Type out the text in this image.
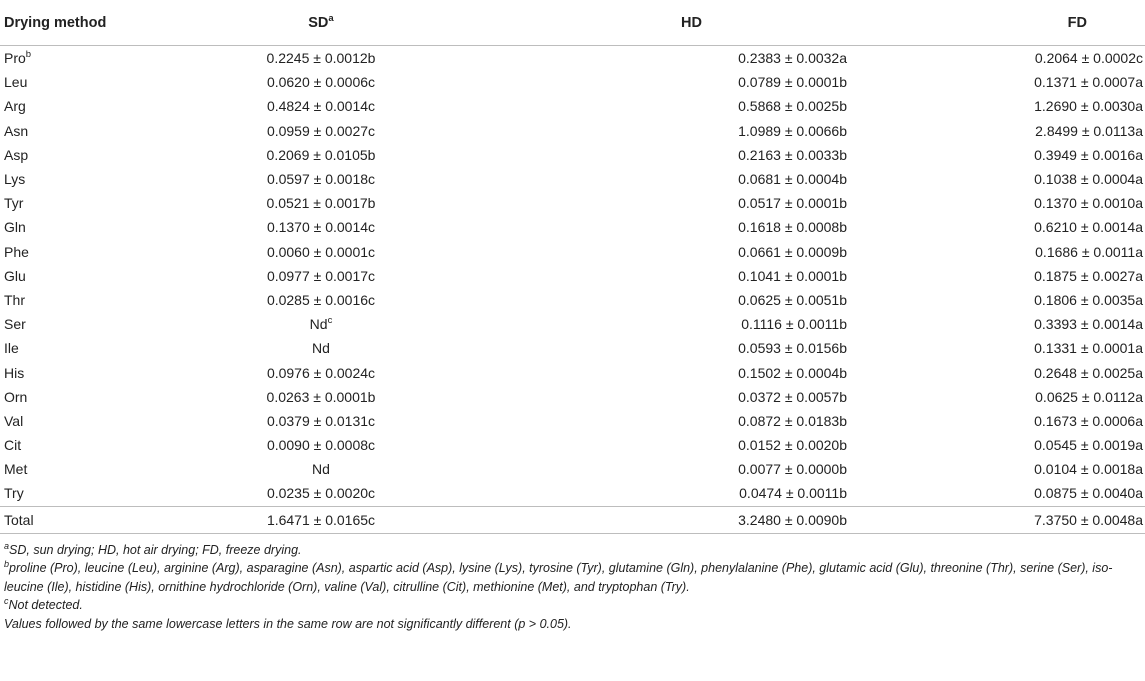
Drying method	$SD^a$	HD	FD
Pro$^b$	0.2245 ± 0.0012b	0.2383 ± 0.0032a	0.2064 ± 0.0002c
Leu	0.0620 ± 0.0006c	0.0789 ± 0.0001b	0.1371 ± 0.0007a
Arg	0.4824 ± 0.0014c	0.5868 ± 0.0025b	1.2690 ± 0.0030a
Asn	0.0959 ± 0.0027c	1.0989 ± 0.0066b	2.8499 ± 0.0113a
Asp	0.2069 ± 0.0105b	0.2163 ± 0.0033b	0.3949 ± 0.0016a
Lys	0.0597 ± 0.0018c	0.0681 ± 0.0004b	0.1038 ± 0.0004a
Tyr	0.0521 ± 0.0017b	0.0517 ± 0.0001b	0.1370 ± 0.0010a
Gln	0.1370 ± 0.0014c	0.1618 ± 0.0008b	0.6210 ± 0.0014a
Phe	0.0060 ± 0.0001c	0.0661 ± 0.0009b	0.1686 ± 0.0011a
Glu	0.0977 ± 0.0017c	0.1041 ± 0.0001b	0.1875 ± 0.0027a
Thr	0.0285 ± 0.0016c	0.0625 ± 0.0051b	0.1806 ± 0.0035a
Ser	Nd$^c$	0.1116 ± 0.0011b	0.3393 ± 0.0014a
Ile	Nd	0.0593 ± 0.0156b	0.1331 ± 0.0001a
His	0.0976 ± 0.0024c	0.1502 ± 0.0004b	0.2648 ± 0.0025a
Orn	0.0263 ± 0.0001b	0.0372 ± 0.0057b	0.0625 ± 0.0112a
Val	0.0379 ± 0.0131c	0.0872 ± 0.0183b	0.1673 ± 0.0006a
Cit	0.0090 ± 0.0008c	0.0152 ± 0.0020b	0.0545 ± 0.0019a
Met	Nd	0.0077 ± 0.0000b	0.0104 ± 0.0018a
Try	0.0235 ± 0.0020c	0.0474 ± 0.0011b	0.0875 ± 0.0040a
Total	1.6471 ± 0.0165c	3.2480 ± 0.0090b	7.3750 ± 0.0048a

$^a$SD, sun drying; HD, hot air drying; FD, freeze drying.

$^b$proline (Pro), leucine (Leu), arginine (Arg), asparagine (Asn), aspartic acid (Asp), lysine (Lys), tyrosine (Tyr), glutamine (Gln), phenylalanine (Phe), glutamic acid (Glu), threonine (Thr), serine (Ser), iso-leucine (Ile), histidine (His), ornithine hydrochloride (Orn), valine (Val), citrulline (Cit), methionine (Met), and tryptophan (Try).

$^c$Not detected.

Values followed by the same lowercase letters in the same row are not significantly different (p > 0.05).
